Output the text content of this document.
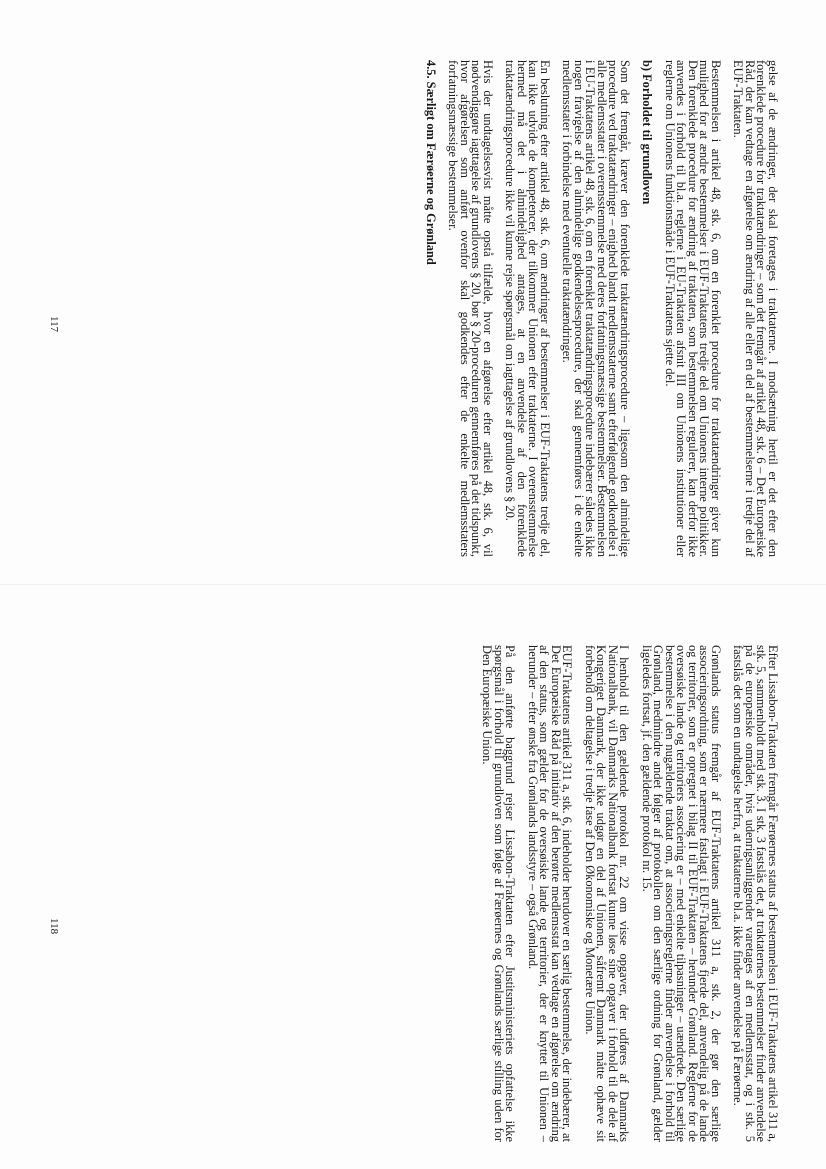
gelse af de ændringer, der skal foretages i traktaterne. I modsætning hertil er det efter den forenklede procedure for traktatændringer – som det fremgår af artikel 48, stk. 6 – Det Europæiske Råd, der kan vedtage en afgørelse om ændring af alle eller en del af bestemmelserne i tredje del af EUF-Traktaten.

Bestemmelsen i artikel 48, stk. 6, om en forenklet procedure for traktatændringer giver kun mulighed for at ændre bestemmelser i EUF-Traktatens tredje del om Unionens interne politikker. Den forenklede procedure for ændring af traktaten, som bestemmelsen regulerer, kan derfor ikke anvendes i forhold til bl.a. reglerne i EU-Traktaten afsnit III om Unionens institutioner eller reglerne om Unionens funktionsmåde i EUF-Traktatens sjette del.

b) Forholdet til grundloven

Som det fremgår, kræver den forenklede traktatændringsprocedure – ligesom den almindelige procedure ved traktatændringer – enighed blandt medlemsstaterne samt efterfølgende godkendelse i alle medlemsstater i overensstemmelse med deres forfatningsmæssige bestemmelser. Bestemmelsen i EU-Traktatens artikel 48, stk. 6, om en forenklet traktatændringsprocedure indebærer således ikke nogen fravigelse af den almindelige godkendelsesprocedure, der skal gennemføres i de enkelte medlemsstater i forbindelse med eventuelle traktatændringer.

En beslutning efter artikel 48, stk. 6, om ændringer af bestemmelser i EUF-Traktatens tredje del, kan ikke udvide de kompetencer, der tilkommer Unionen efter traktaterne. I overensstemmelse hermed må det i almindelighed antages, at en anvendelse af den forenklede traktatændringsprocedure ikke vil kunne rejse spørgsmål om iagttagelse af grundlovens § 20.

Hvis der undtagelsesvist måtte opstå tilfælde, hvor en afgørelse efter artikel 48, stk. 6, vil nødvendiggøre iagttagelse af grundlovens § 20, bør § 20-proceduren gennemføres på det tidspunkt, hvor afgørelsen som anført ovenfor skal godkendes efter de enkelte medlemsstaters forfatningsmæssige bestemmelser.

4.5. Særligt om Færøerne og Grønland
117

Efter Lissabon-Traktaten fremgår Færøernes status af bestemmelsen i EUF-Traktatens artikel 311 a, stk. 5, sammenholdt med stk. 3. I stk. 3 fastslås det, at traktaternes bestemmelser finder anvendelse på de europæiske områder, hvis udenrigsanliggender varetages af en medlemsstat, og i stk. 5 fastslås det som en undtagelse herfra, at traktaterne bl.a. ikke finder anvendelse på Færøerne.

Grønlands status fremgår af EUF-Traktatens artikel 311 a, stk. 2, der gør den særlige associeringsordning, som er nærmere fastlagt i EUF-Traktatens fjerde del, anvendelig på de lande og territorier, som er opregnet i bilag II til EUF-Traktaten – herunder Grønland. Reglerne for de oversøiske lande og territoriers associering er – med enkelte tilpasninger – uændrede. Den særlige bestemmelse i den nugældende traktat om, at associeringsreglerne finder anvendelse i forhold til Grønland, medmindre andet følger af protokollen om den særlige ordning for Grønland, gælder ligeledes fortsat, jf. den gældende protokol nr. 15.

I henhold til den gældende protokol nr. 22 om visse opgaver, der udføres af Danmarks Nationalbank, vil Danmarks Nationalbank fortsat kunne løse sine opgaver i forhold til de dele af Kongeriget Danmark, der ikke udgør en del af Unionen, såfremt Danmark måtte ophæve sit forbehold om deltagelse i tredje fase af Den Økonomiske og Monetære Union.

EUF-Traktatens artikel 311 a, stk. 6, indeholder herudover en særlig bestemmelse, der indebærer, at Det Europæiske Råd på initiativ af den berørte medlemsstat kan vedtage en afgørelse om ændring af den status, som gælder for de oversøiske lande og territorier, der er knyttet til Unionen – herunder – efter ønske fra Grønlands landsstyre – også Grønland.

På den anførte baggrund rejser Lissabon-Traktaten efter Justitsministeriets opfattelse ikke spørgsmål i forhold til grundloven som følge af Færøernes og Grønlands særlige stilling uden for Den Europæiske Union.

118
